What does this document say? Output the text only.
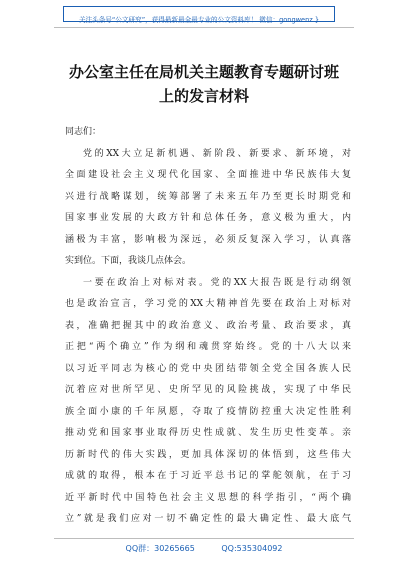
关注头条号“公文研究”，获得最新最全最专业的公文资料库！ 微信：gongwenz }
办公室主任在局机关主题教育专题研讨班
上的发言材料
同志们：
党的XX大立足新机遇、新阶段、新要求、新环境，对
全面建设社会主义现代化国家、全面推进中华民族伟大复
兴进行战略谋划，统筹部署了未来五年乃至更长时期党和
国家事业发展的大政方针和总体任务，意义极为重大，内
涵极为丰富，影响极为深远，必须反复深入学习，认真落
实到位。下面，我谈几点体会。
一要在政治上对标对表。党的XX大报告既是行动纲领
也是政治宣言，学习党的XX大精神首先要在政治上对标对
表，准确把握其中的政治意义、政治考量、政治要求，真
正把“两个确立”作为纲和魂贯穿始终。党的十八大以来
以习近平同志为核心的党中央团结带领全党全国各族人民
沉着应对世所罕见、史所罕见的风险挑战，实现了中华民
族全面小康的千年夙愿，夺取了疫情防控重大决定性胜利
推动党和国家事业取得历史性成就、发生历史性变革。亲
历新时代的伟大实践，更加具体深切的体悟到，这些伟大
成就的取得，根本在于习近平总书记的掌舵领航，在于习
近平新时代中国特色社会主义思想的科学指引，“两个确
立”就是我们应对一切不确定性的最大确定性、最大底气
QQ群：30265665	QQ:535304092
